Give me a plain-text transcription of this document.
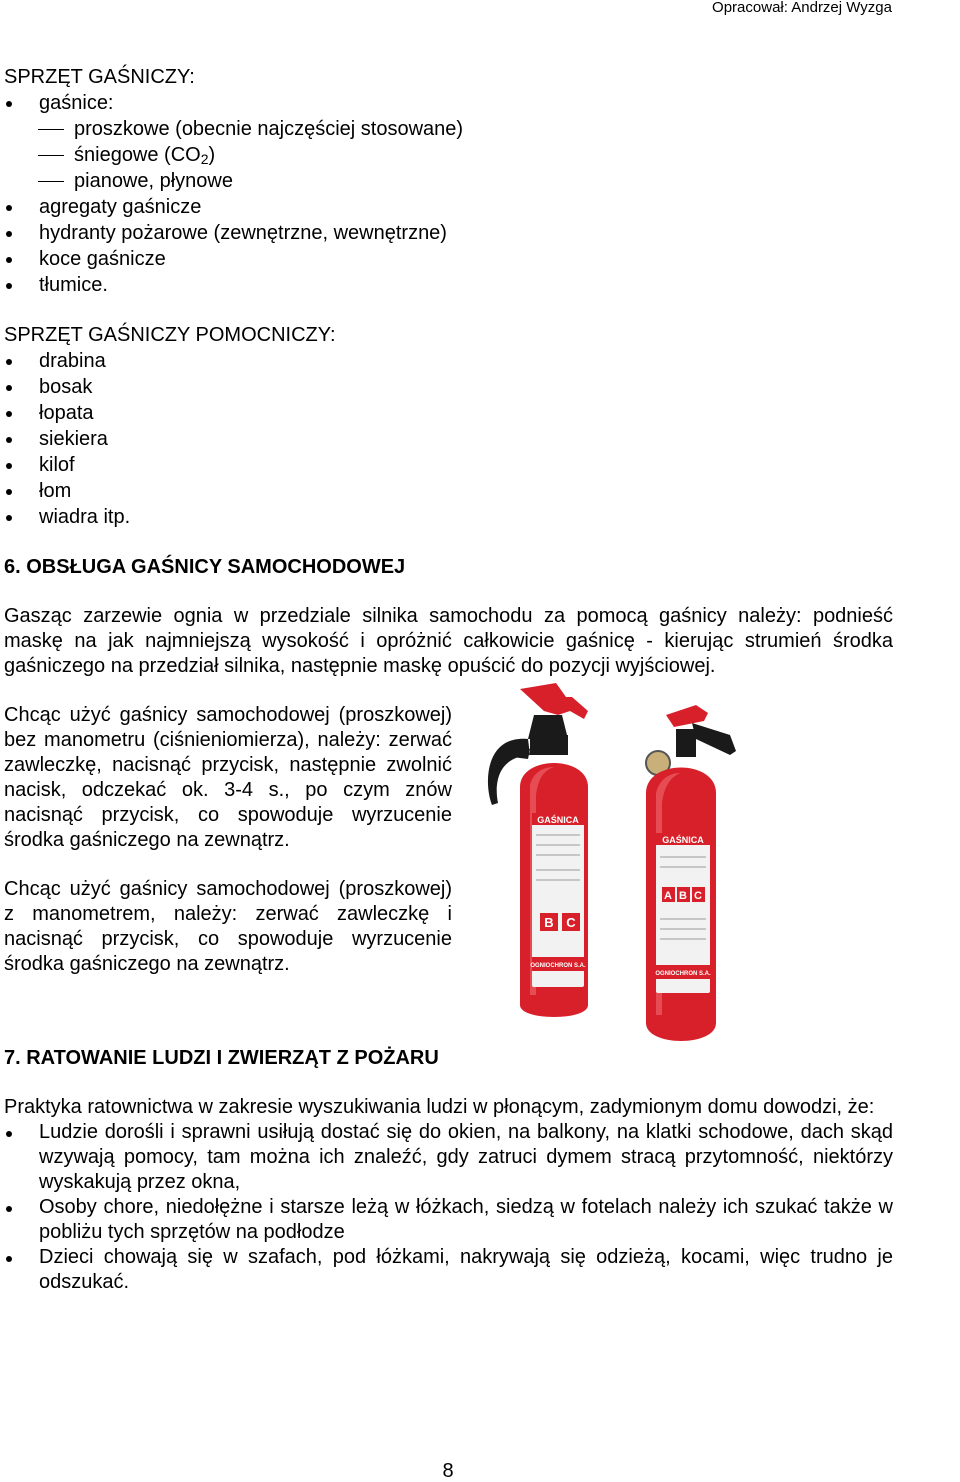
Opracował: Andrzej Wyzga

SPRZĘT GAŚNICZY:

gaśnice:
proszkowe (obecnie najczęściej stosowane)
śniegowe $(CO_2)$
pianowe, płynowe
agregaty gaśnicze
hydranty pożarowe (zewnętrzne, wewnętrzne)
koce gaśnicze
tłumice.

SPRZĘT GAŚNICZY POMOCNICZY:

drabina
bosak
łopata
siekiera
kilof
łom
wiadra itp.

6. OBSŁUGA GAŚNICY SAMOCHODOWEJ

Gasząc zarzewie ognia w przedziale silnika samochodu za pomocą gaśnicy należy: podnieść maskę na jak najmniejszą wysokość i opróżnić całkowicie gaśnicę - kierując strumień środka gaśniczego na przedział silnika, następnie maskę opuścić do pozycji wyjściowej.

Chcąc użyć gaśnicy samochodowej (proszkowej) bez manometru (ciśnieniomierza), należy: zerwać zawleczkę, nacisnąć przycisk, następnie zwolnić nacisk, odczekać ok. 3-4 s., po czym znów nacisnąć przycisk, co spowoduje wyrzucenie środka gaśniczego na zewnątrz.

Chcąc użyć gaśnicy samochodowej (proszkowej) z manometrem, należy: zerwać zawleczkę i nacisnąć przycisk, co spowoduje wyrzucenie środka gaśniczego na zewnątrz.

GAŚNICA
B C
OGNIOCHRON S.A.
GAŚNICA
A B C
OGNIOCHRON S.A.

7. RATOWANIE LUDZI I ZWIERZĄT Z POŻARU

Praktyka ratownictwa w zakresie wyszukiwania ludzi w płonącym, zadymionym domu dowodzi, że:

Ludzie dorośli i sprawni usiłują dostać się do okien, na balkony, na klatki schodowe, dach skąd wzywają pomocy, tam można ich znaleźć, gdy zatruci dymem stracą przytomność, niektórzy wyskakują przez okna,
Osoby chore, niedołężne i starsze leżą w łóżkach, siedzą w fotelach należy ich szukać także w pobliżu tych sprzętów na podłodze
Dzieci chowają się w szafach, pod łóżkami, nakrywają się odzieżą, kocami, więc trudno je odszukać.
8
